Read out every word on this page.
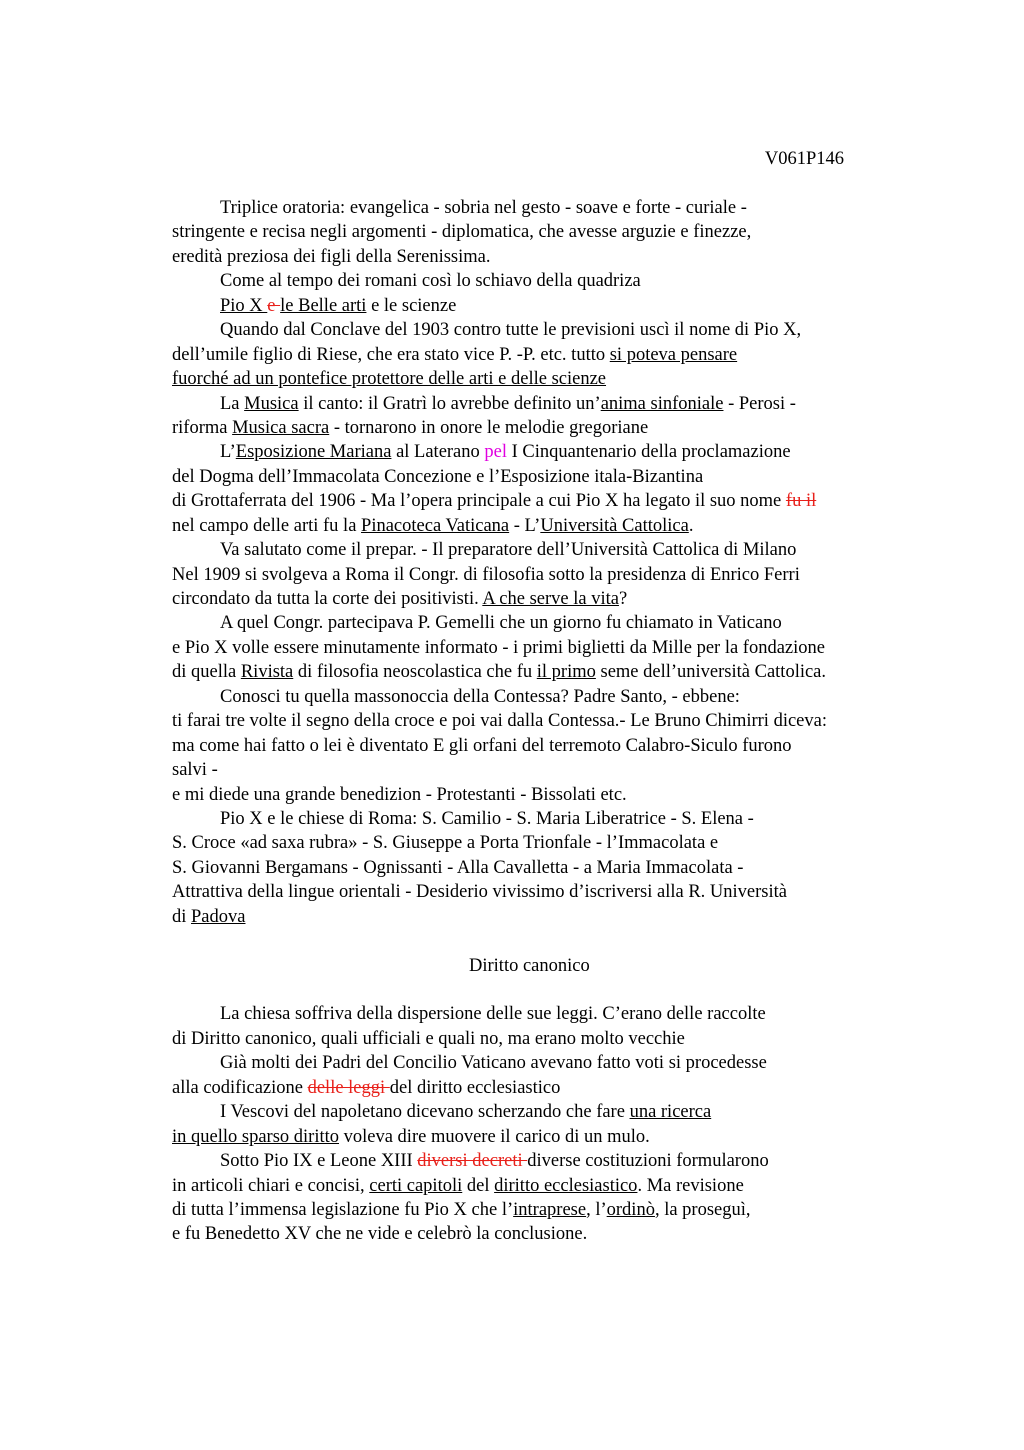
V061P146
Triplice oratoria: evangelica - sobria nel gesto - soave e forte - curiale -
stringente e recisa negli argomenti - diplomatica, che avesse arguzie e finezze,
eredità preziosa dei figli della Serenissima.
Come al tempo dei romani così lo schiavo della quadriza
Pio X e le Belle arti e le scienze
Quando dal Conclave del 1903 contro tutte le previsioni uscì il nome di Pio X,
dell’umile figlio di Riese, che era stato vice P. -P. etc. tutto si poteva pensare
fuorché ad un pontefice protettore delle arti e delle scienze
La Musica il canto: il Gratrì lo avrebbe definito un’anima sinfoniale - Perosi -
riforma Musica sacra - tornarono in onore le melodie gregoriane
L’Esposizione Mariana al Laterano pel I Cinquantenario della proclamazione
del Dogma dell’Immacolata Concezione e l’Esposizione itala-Bizantina
di Grottaferrata del 1906 - Ma l’opera principale a cui Pio X ha legato il suo nome fu il
nel campo delle arti fu la Pinacoteca Vaticana - L’Università Cattolica.
Va salutato come il prepar. - Il preparatore dell’Università Cattolica di Milano
Nel 1909 si svolgeva a Roma il Congr. di filosofia sotto la presidenza di Enrico Ferri
circondato da tutta la corte dei positivisti. A che serve la vita?
A quel Congr. partecipava P. Gemelli che un giorno fu chiamato in Vaticano
e Pio X volle essere minutamente informato - i primi biglietti da Mille per la fondazione
di quella Rivista di filosofia neoscolastica che fu il primo seme dell’università Cattolica.
Conosci tu quella massonoccia della Contessa? Padre Santo, - ebbene:
ti farai tre volte il segno della croce e poi vai dalla Contessa.- Le Bruno Chimirri diceva:
ma come hai fatto o lei è diventato E gli orfani del terremoto Calabro-Siculo furono
salvi -
e mi diede una grande benedizion - Protestanti - Bissolati etc.
Pio X e le chiese di Roma: S. Camilio - S. Maria Liberatrice - S. Elena -
S. Croce «ad saxa rubra» - S. Giuseppe a Porta Trionfale - l’Immacolata e
S. Giovanni Bergamans - Ognissanti - Alla Cavalletta - a Maria Immacolata -
Attrattiva della lingue orientali - Desiderio vivissimo d’iscriversi alla R. Università
di Padova
Diritto canonico
La chiesa soffriva della dispersione delle sue leggi. C’erano delle raccolte
di Diritto canonico, quali ufficiali e quali no, ma erano molto vecchie
Già molti dei Padri del Concilio Vaticano avevano fatto voti si procedesse
alla codificazione delle leggi del diritto ecclesiastico
I Vescovi del napoletano dicevano scherzando che fare una ricerca
in quello sparso diritto voleva dire muovere il carico di un mulo.
Sotto Pio IX e Leone XIII diversi decreti diverse costituzioni formularono
in articoli chiari e concisi, certi capitoli del diritto ecclesiastico. Ma revisione
di tutta l’immensa legislazione fu Pio X che l’intraprese, l’ordinò, la proseguì,
e fu Benedetto XV che ne vide e celebrò la conclusione.
